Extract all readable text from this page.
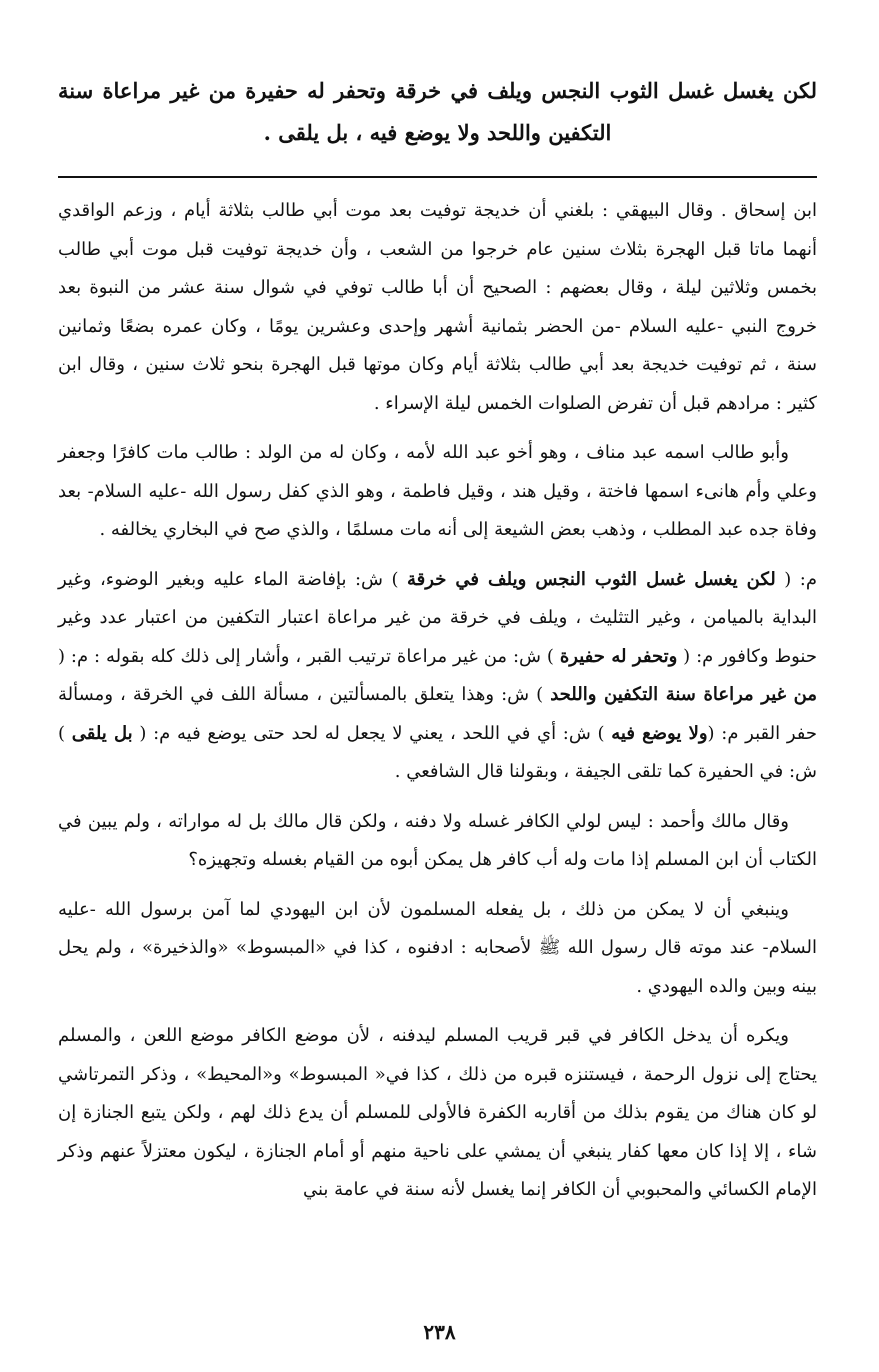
لكن يغسل غسل الثوب النجس ويلف في خرقة وتحفر له حفيرة من غير مراعاة سنة التكفين واللحد ولا يوضع فيه ، بل يلقى .

ابن إسحاق . وقال البيهقي : بلغني أن خديجة توفيت بعد موت أبي طالب بثلاثة أيام ، وزعم الواقدي أنهما ماتا قبل الهجرة بثلاث سنين عام خرجوا من الشعب ، وأن خديجة توفيت قبل موت أبي طالب بخمس وثلاثين ليلة ، وقال بعضهم : الصحيح أن أبا طالب توفي في شوال سنة عشر من النبوة بعد خروج النبي -عليه السلام -من الحضر بثمانية أشهر وإحدى وعشرين يومًا ، وكان عمره بضعًا وثمانين سنة ، ثم توفيت خديجة بعد أبي طالب بثلاثة أيام وكان موتها قبل الهجرة بنحو ثلاث سنين ، وقال ابن كثير : مرادهم قبل أن تفرض الصلوات الخمس ليلة الإسراء .

وأبو طالب اسمه عبد مناف ، وهو أخو عبد الله لأمه ، وكان له من الولد : طالب مات كافرًا وجعفر وعلي وأم هانىء اسمها فاختة ، وقيل هند ، وقيل فاطمة ، وهو الذي كفل رسول الله -عليه السلام- بعد وفاة جده عبد المطلب ، وذهب بعض الشيعة إلى أنه مات مسلمًا ، والذي صح في البخاري يخالفه .

م: ( لكن يغسل غسل الثوب النجس ويلف في خرقة ) ش: بإفاضة الماء عليه وبغير الوضوء، وغير البداية بالميامن ، وغير التثليث ، ويلف في خرقة من غير مراعاة اعتبار التكفين من اعتبار عدد وغير حنوط وكافور م: ( وتحفر له حفيرة ) ش: من غير مراعاة ترتيب القبر ، وأشار إلى ذلك كله بقوله : م: ( من غير مراعاة سنة التكفين واللحد ) ش: وهذا يتعلق بالمسألتين ، مسألة اللف في الخرقة ، ومسألة حفر القبر م: (ولا يوضع فيه ) ش: أي في اللحد ، يعني لا يجعل له لحد حتى يوضع فيه م: ( بل يلقى ) ش: في الحفيرة كما تلقى الجيفة ، وبقولنا قال الشافعي .

وقال مالك وأحمد : ليس لولي الكافر غسله ولا دفنه ، ولكن قال مالك بل له مواراته ، ولم يبين في الكتاب أن ابن المسلم إذا مات وله أب كافر هل يمكن أبوه من القيام بغسله وتجهيزه؟

وينبغي أن لا يمكن من ذلك ، بل يفعله المسلمون لأن ابن اليهودي لما آمن برسول الله -عليه السلام- عند موته قال رسول الله ﷺ لأصحابه : ادفنوه ، كذا في «المبسوط» «والذخيرة» ، ولم يحل بينه وبين والده اليهودي .

ويكره أن يدخل الكافر في قبر قريب المسلم ليدفنه ، لأن موضع الكافر موضع اللعن ، والمسلم يحتاج إلى نزول الرحمة ، فيستنزه قبره من ذلك ، كذا في« المبسوط» و«المحيط» ، وذكر التمرتاشي لو كان هناك من يقوم بذلك من أقاربه الكفرة فالأولى للمسلم أن يدع ذلك لهم ، ولكن يتبع الجنازة إن شاء ، إلا إذا كان معها كفار ينبغي أن يمشي على ناحية منهم أو أمام الجنازة ، ليكون معتزلاً عنهم وذكر الإمام الكسائي والمحبوبي أن الكافر إنما يغسل لأنه سنة في عامة بني

٢٣٨
